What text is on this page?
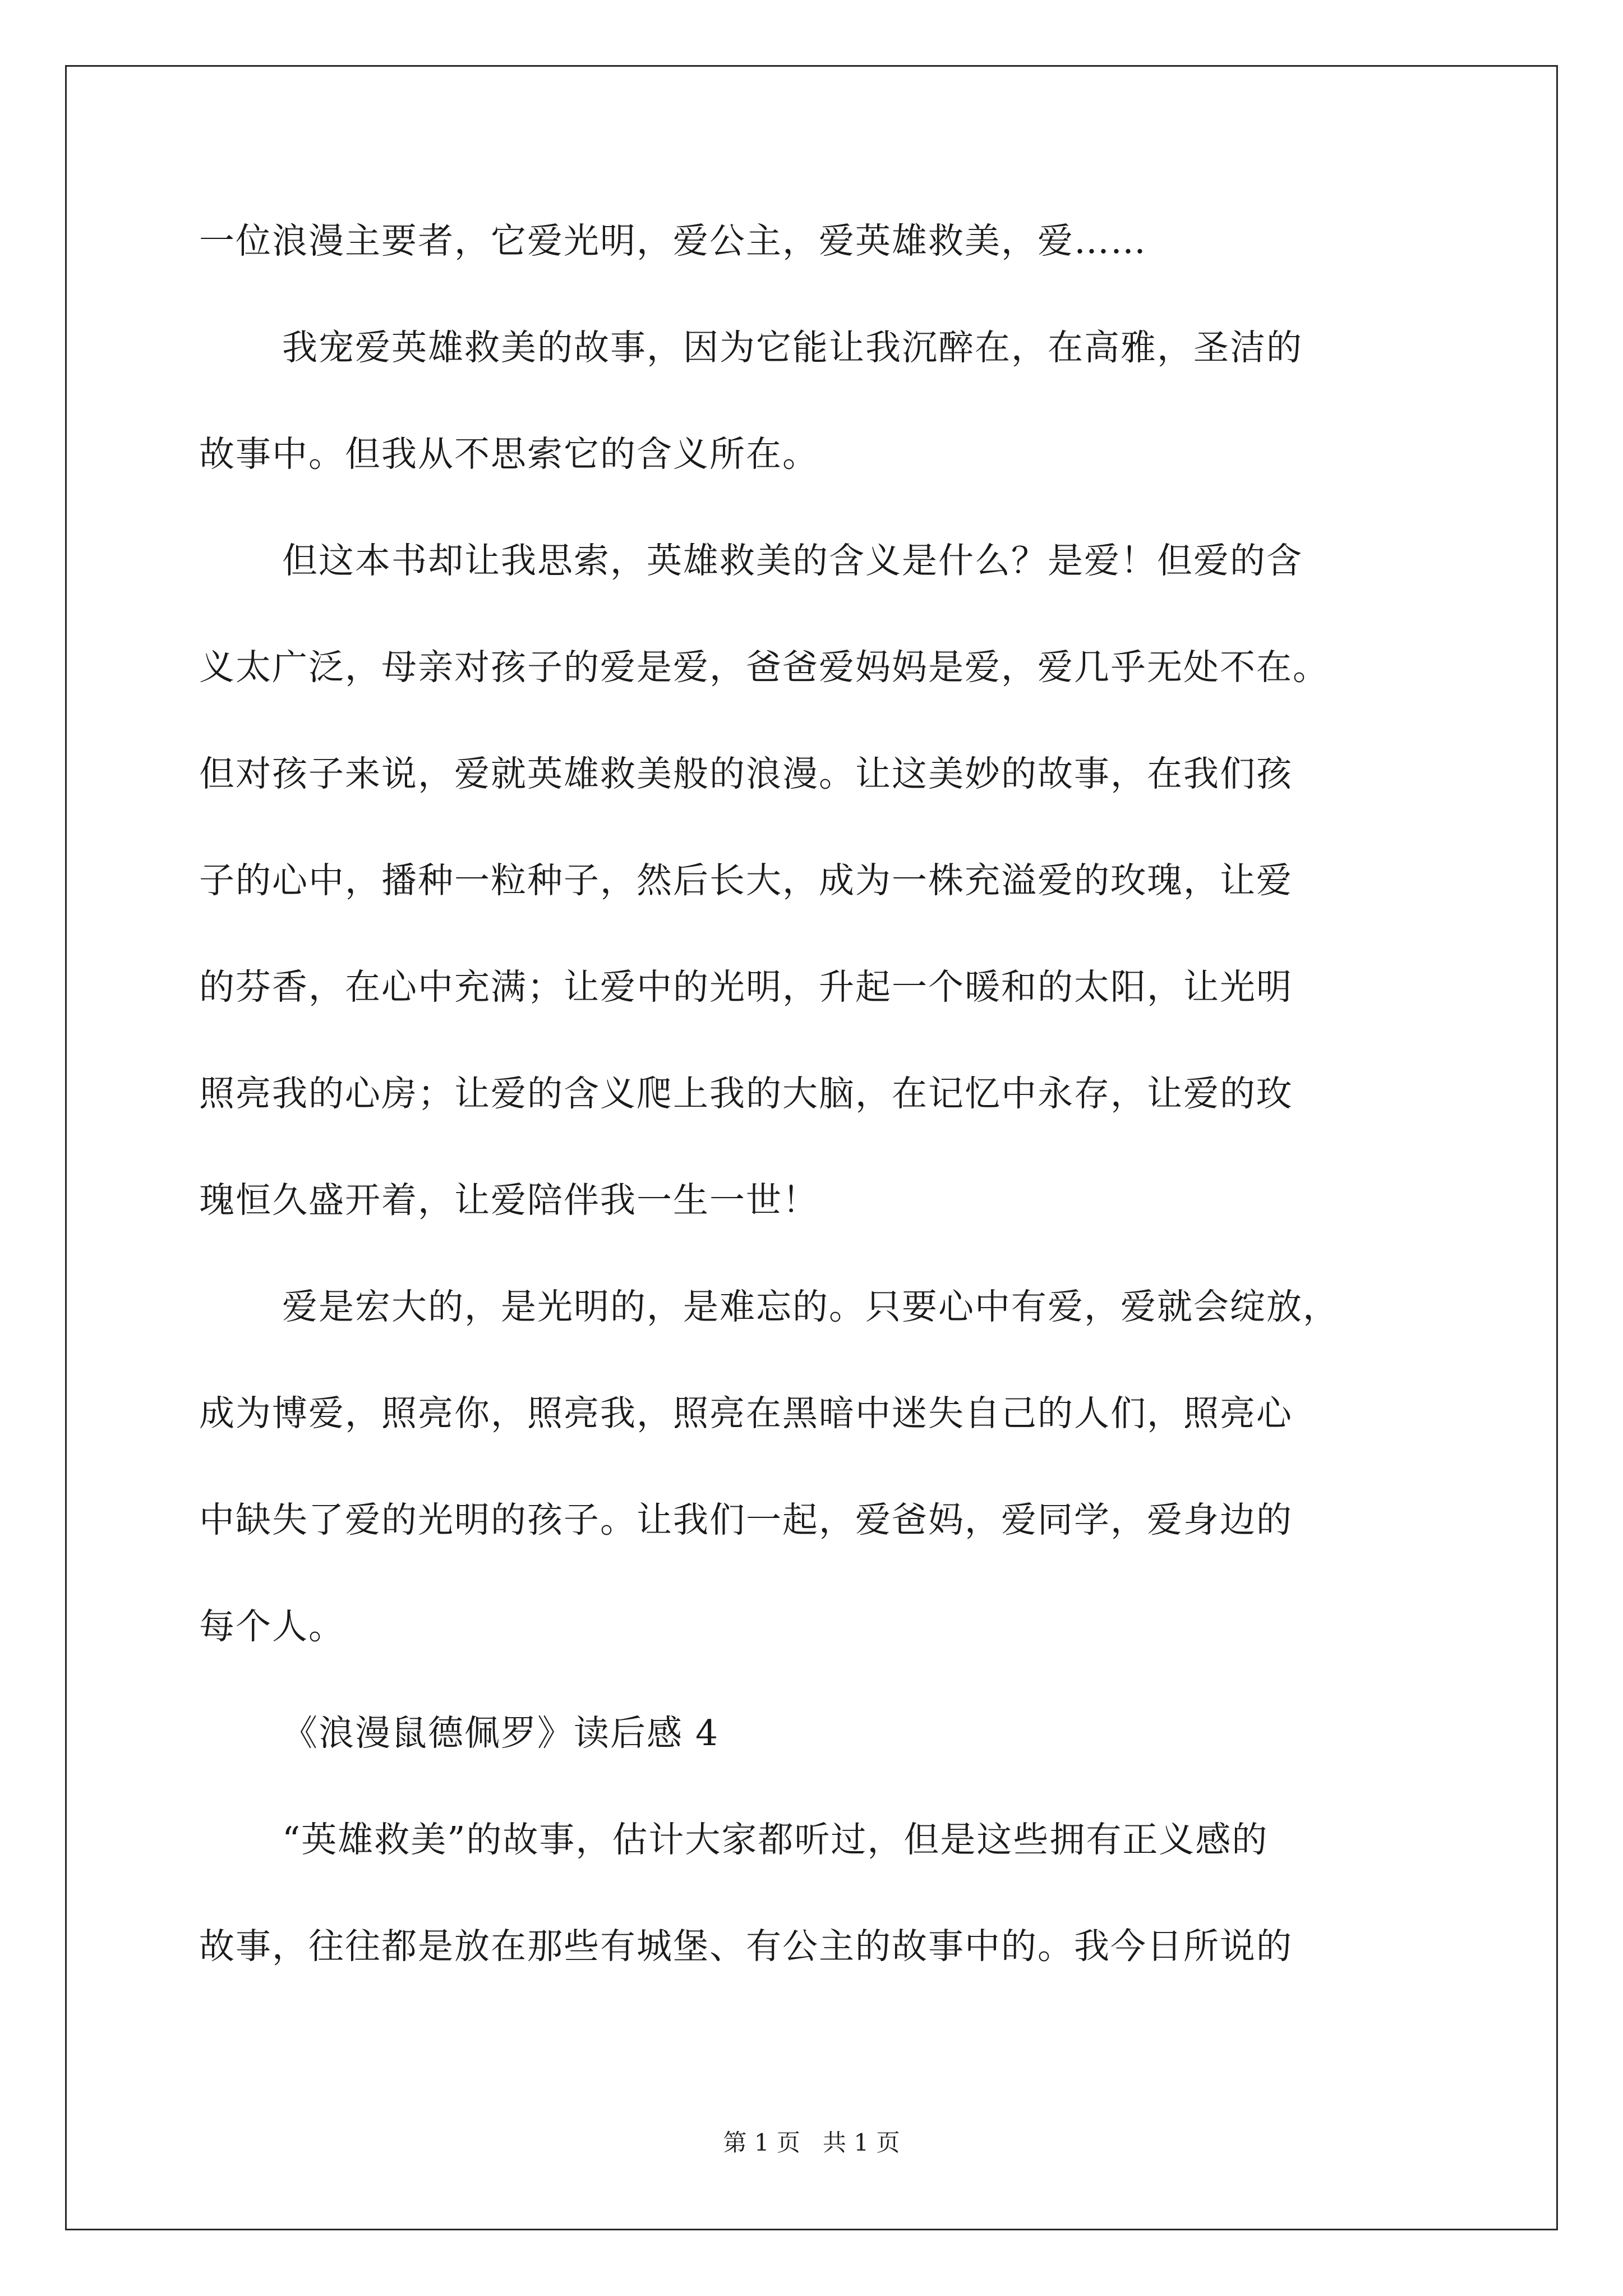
一位浪漫主要者，它爱光明，爱公主，爱英雄救美，爱……
我宠爱英雄救美的故事，因为它能让我沉醉在，在高雅，圣洁的
故事中。但我从不思索它的含义所在。
但这本书却让我思索，英雄救美的含义是什么？是爱！但爱的含
义太广泛，母亲对孩子的爱是爱，爸爸爱妈妈是爱，爱几乎无处不在。
但对孩子来说，爱就英雄救美般的浪漫。让这美妙的故事，在我们孩
子的心中，播种一粒种子，然后长大，成为一株充溢爱的玫瑰，让爱
的芬香，在心中充满；让爱中的光明，升起一个暖和的太阳，让光明
照亮我的心房；让爱的含义爬上我的大脑，在记忆中永存，让爱的玫
瑰恒久盛开着，让爱陪伴我一生一世！
爱是宏大的，是光明的，是难忘的。只要心中有爱，爱就会绽放，
成为博爱，照亮你，照亮我，照亮在黑暗中迷失自己的人们，照亮心
中缺失了爱的光明的孩子。让我们一起，爱爸妈，爱同学，爱身边的
每个人。
《浪漫鼠德佩罗》读后感 4
“英雄救美”的故事，估计大家都听过，但是这些拥有正义感的
故事，往往都是放在那些有城堡、有公主的故事中的。我今日所说的
第 1 页   共 1 页
